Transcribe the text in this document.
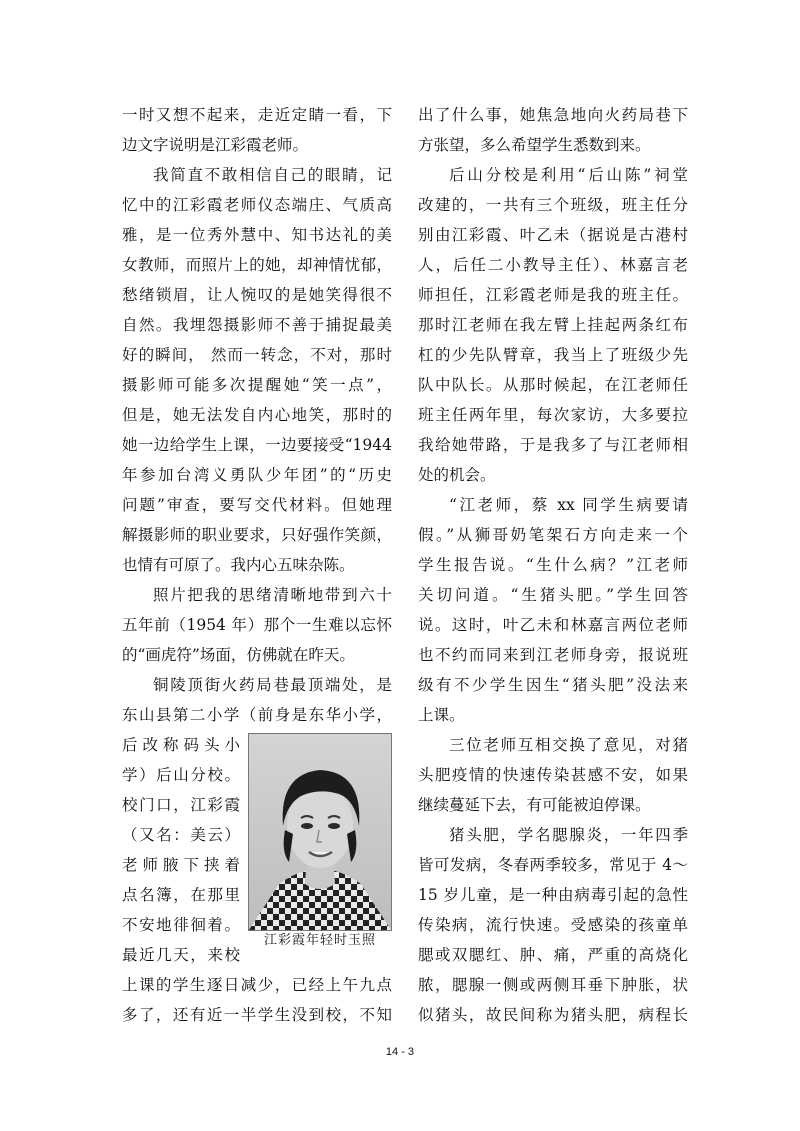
一时又想不起来，走近定睛一看，下
边文字说明是江彩霞老师。
我简直不敢相信自己的眼睛，记
忆中的江彩霞老师仪态端庄、气质高
雅，是一位秀外慧中、知书达礼的美
女教师，而照片上的她，却神情忧郁，
愁绪锁眉，让人惋叹的是她笑得很不
自然。我埋怨摄影师不善于捕捉最美
好的瞬间， 然而一转念，不对，那时
摄影师可能多次提醒她“笑一点”，
但是，她无法发自内心地笑，那时的
她一边给学生上课，一边要接受“1944
年参加台湾义勇队少年团”的“历史
问题”审查，要写交代材料。但她理
解摄影师的职业要求，只好强作笑颜，
也情有可原了。我内心五味杂陈。
照片把我的思绪清晰地带到六十
五年前（1954 年）那个一生难以忘怀
的“画虎符”场面，仿佛就在昨天。
铜陵顶街火药局巷最顶端处，是
东山县第二小学（前身是东华小学，
后改称码头小
学）后山分校。
校门口，江彩霞
（又名：美云）
老师腋下挟着
点名簿，在那里
不安地徘徊着。
最近几天，来校
上课的学生逐日减少，已经上午九点
多了，还有近一半学生没到校，不知
江彩霞年轻时玉照
出了什么事，她焦急地向火药局巷下
方张望，多么希望学生悉数到来。
后山分校是利用“后山陈”祠堂
改建的，一共有三个班级，班主任分
别由江彩霞、叶乙未（据说是古港村
人，后任二小教导主任）、林嘉言老
师担任，江彩霞老师是我的班主任。
那时江老师在我左臂上挂起两条红布
杠的少先队臂章，我当上了班级少先
队中队长。从那时候起，在江老师任
班主任两年里，每次家访，大多要拉
我给她带路，于是我多了与江老师相
处的机会。
“江老师，蔡 xx 同学生病要请
假。”从狮哥奶笔架石方向走来一个
学生报告说。“生什么病？”江老师
关切问道。“生猪头肥。”学生回答
说。这时，叶乙未和林嘉言两位老师
也不约而同来到江老师身旁，报说班
级有不少学生因生“猪头肥”没法来
上课。
三位老师互相交换了意见，对猪
头肥疫情的快速传染甚感不安，如果
继续蔓延下去，有可能被迫停课。
猪头肥，学名腮腺炎，一年四季
皆可发病，冬春两季较多，常见于 4～
15 岁儿童，是一种由病毒引起的急性
传染病，流行快速。受感染的孩童单
腮或双腮红、肿、痛，严重的高烧化
脓，腮腺一侧或两侧耳垂下肿胀，状
似猪头，故民间称为猪头肥，病程长
14 - 3
